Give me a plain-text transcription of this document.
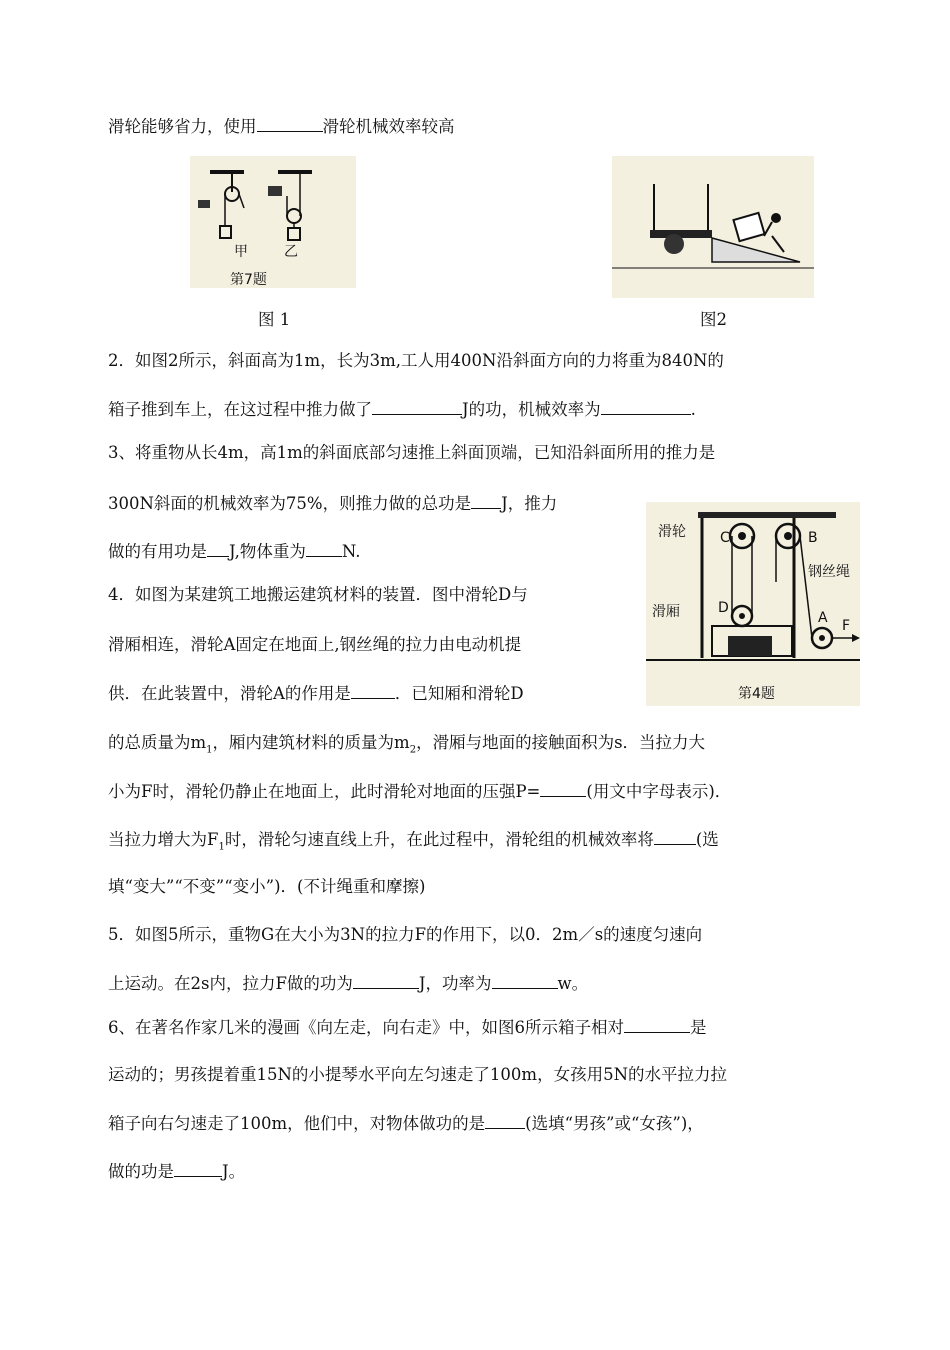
滑轮能够省力，使用	滑轮机械效率较高
甲	乙
第7题
图 1	图2
2．如图2所示，斜面高为1m，长为3m,工人用400N沿斜面方向的力将重为840N的
箱子推到车上，在这过程中推力做了	J的功，机械效率为	.
3、将重物从长4m，高1m的斜面底部匀速推上斜面顶端，已知沿斜面所用的推力是
300N斜面的机械效率为75%，则推力做的总功是 J，推力
做的有用功是 J,物体重为 N.
滑轮
滑厢
钢丝绳
C	B
D
A F
第4题
4．如图为某建筑工地搬运建筑材料的装置．图中滑轮D与
滑厢相连，滑轮A固定在地面上,钢丝绳的拉力由电动机提
供．在此装置中，滑轮A的作用是	．已知厢和滑轮D
的总质量为$m_1$，厢内建筑材料的质量为$m_2$，滑厢与地面的接触面积为s．当拉力大
小为F时，滑轮仍静止在地面上，此时滑轮对地面的压强P=	(用文中字母表示)．
当拉力增大为$F_1$时，滑轮匀速直线上升，在此过程中，滑轮组的机械效率将	(选
填“变大”“不变”“变小”)．(不计绳重和摩擦)
5．如图5所示，重物G在大小为3N的拉力F的作用下，以0．2m／s的速度匀速向
上运动。在2s内，拉力F做的功为	J，功率为	w。
6、在著名作家几米的漫画《向左走，向右走》中，如图6所示箱子相对	是
运动的；男孩提着重15N的小提琴水平向左匀速走了100m，女孩用5N的水平拉力拉
箱子向右匀速走了100m，他们中，对物体做功的是 (选填“男孩”或“女孩”)，
做的功是	J。
